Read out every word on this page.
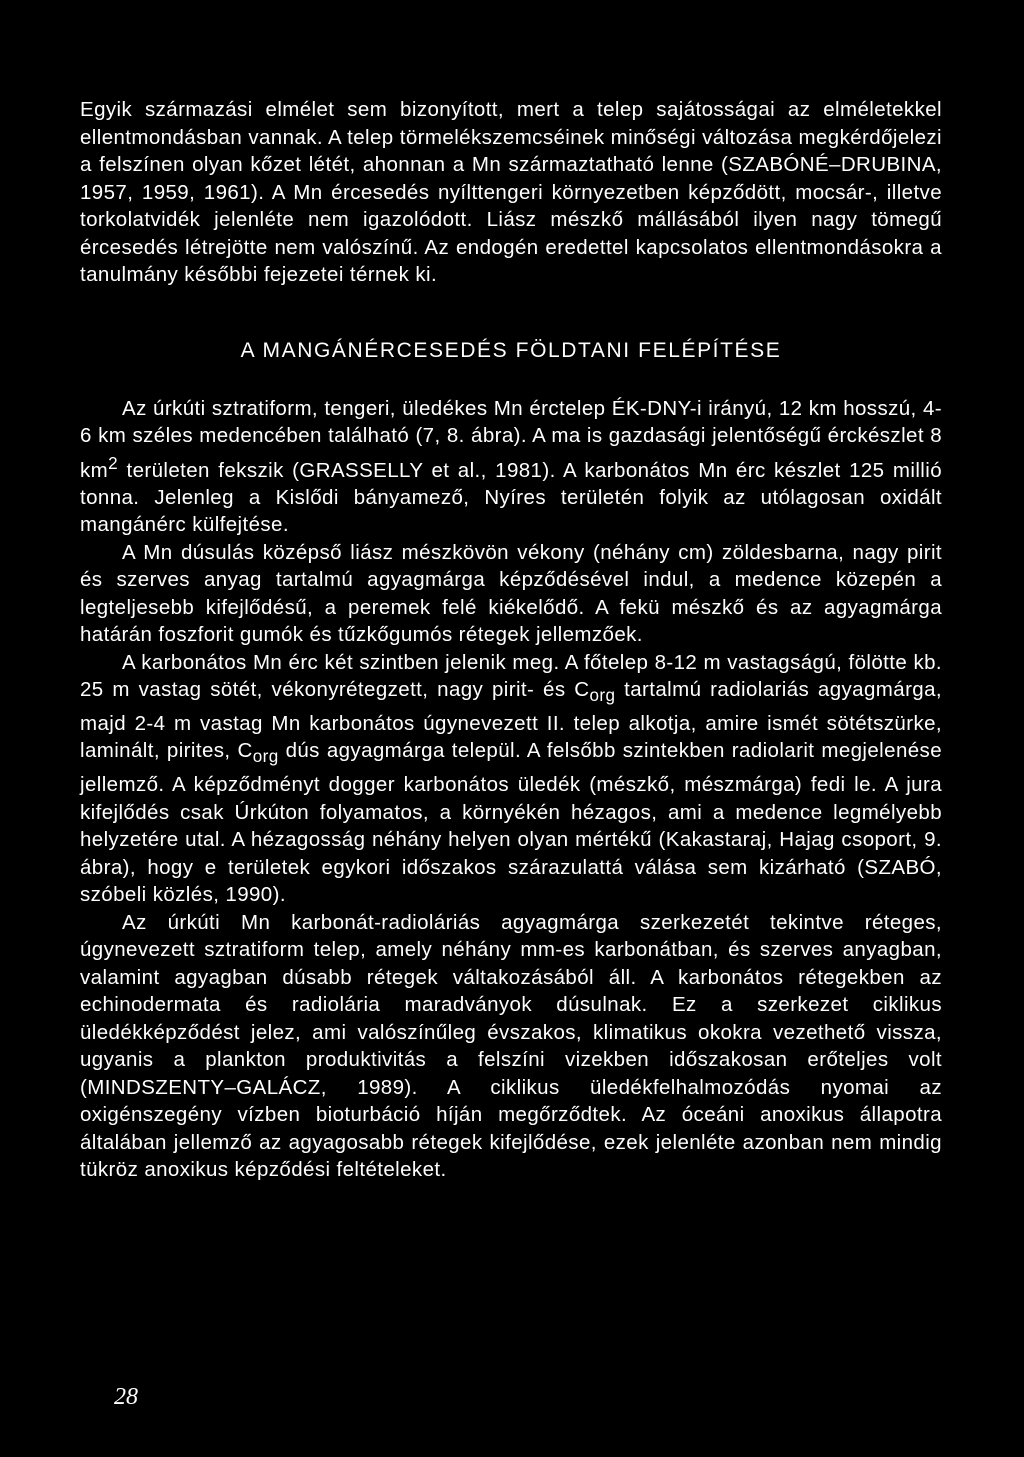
Egyik származási elmélet sem bizonyított, mert a telep sajátosságai az elméletekkel ellentmondásban vannak. A telep törmelékszemcséinek minőségi változása megkérdőjelezi a felszínen olyan kőzet létét, ahonnan a Mn származtatható lenne (SZABÓNÉ–DRUBINA, 1957, 1959, 1961). A Mn ércesedés nyílttengeri környezetben képződött, mocsár-, illetve torkolatvidék jelenléte nem igazolódott. Liász mészkő mállásából ilyen nagy tömegű ércesedés létrejötte nem valószínű. Az endogén eredettel kapcsolatos ellentmondásokra a tanulmány későbbi fejezetei térnek ki.

A MANGÁNÉRCESEDÉS FÖLDTANI FELÉPÍTÉSE

Az úrkúti sztratiform, tengeri, üledékes Mn érctelep ÉK-DNY-i irányú, 12 km hosszú, 4-6 km széles medencében található (7, 8. ábra). A ma is gazdasági jelentőségű érckészlet 8 $km^2$ területen fekszik (GRASSELLY et al., 1981). A karbonátos Mn érc készlet 125 millió tonna. Jelenleg a Kislődi bányamező, Nyíres területén folyik az utólagosan oxidált mangánérc külfejtése.

A Mn dúsulás középső liász mészkövön vékony (néhány cm) zöldesbarna, nagy pirit és szerves anyag tartalmú agyagmárga képződésével indul, a medence közepén a legteljesebb kifejlődésű, a peremek felé kiékelődő. A fekü mészkő és az agyagmárga határán foszforit gumók és tűzkőgumós rétegek jellemzőek.

A karbonátos Mn érc két szintben jelenik meg. A főtelep 8-12 m vastagságú, fölötte kb. 25 m vastag sötét, vékonyrétegzett, nagy pirit- és $C_{org}$ tartalmú radiolariás agyagmárga, majd 2-4 m vastag Mn karbonátos úgynevezett II. telep alkotja, amire ismét sötétszürke, laminált, pirites, $C_{org}$ dús agyagmárga települ. A felsőbb szintekben radiolarit megjelenése jellemző. A képződményt dogger karbonátos üledék (mészkő, mészmárga) fedi le. A jura kifejlődés csak Úrkúton folyamatos, a környékén hézagos, ami a medence legmélyebb helyzetére utal. A hézagosság néhány helyen olyan mértékű (Kakastaraj, Hajag csoport, 9. ábra), hogy e területek egykori időszakos szárazulattá válása sem kizárható (SZABÓ, szóbeli közlés, 1990).

Az úrkúti Mn karbonát-radioláriás agyagmárga szerkezetét tekintve réteges, úgynevezett sztratiform telep, amely néhány mm-es karbonátban, és szerves anyagban, valamint agyagban dúsabb rétegek váltakozásából áll. A karbonátos rétegekben az echinodermata és radiolária maradványok dúsulnak. Ez a szerkezet ciklikus üledékképződést jelez, ami valószínűleg évszakos, klimatikus okokra vezethető vissza, ugyanis a plankton produktivitás a felszíni vizekben időszakosan erőteljes volt (MINDSZENTY–GALÁCZ, 1989). A ciklikus üledékfelhalmozódás nyomai az oxigénszegény vízben bioturbáció híján megőrződtek. Az óceáni anoxikus állapotra általában jellemző az agyagosabb rétegek kifejlődése, ezek jelenléte azonban nem mindig tükröz anoxikus képződési feltételeket.

28
